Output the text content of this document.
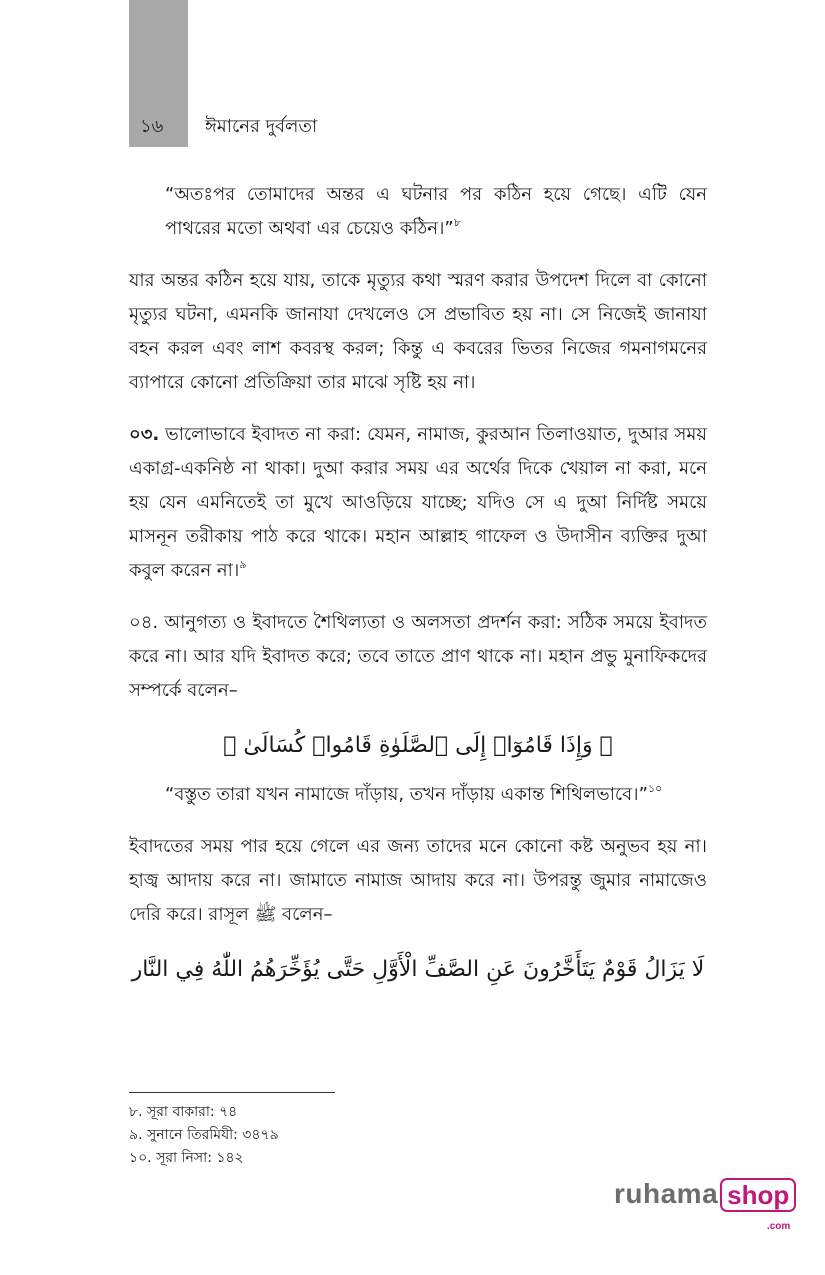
১৬ ঈমানের দুর্বলতা

“অতঃপর তোমাদের অন্তর এ ঘটনার পর কঠিন হয়ে গেছে। এটি যেন পাথরের মতো অথবা এর চেয়েও কঠিন।”$^৮$

যার অন্তর কঠিন হয়ে যায়, তাকে মৃত্যুর কথা স্মরণ করার উপদেশ দিলে বা কোনো মৃত্যুর ঘটনা, এমনকি জানাযা দেখলেও সে প্রভাবিত হয় না। সে নিজেই জানাযা বহন করল এবং লাশ কবরস্থ করল; কিন্তু এ কবরের ভিতর নিজের গমনাগমনের ব্যাপারে কোনো প্রতিক্রিয়া তার মাঝে সৃষ্টি হয় না।

০৩. ভালোভাবে ইবাদত না করা: যেমন, নামাজ, কুরআন তিলাওয়াত, দুআর সময় একাগ্র-একনিষ্ঠ না থাকা। দুআ করার সময় এর অর্থের দিকে খেয়াল না করা, মনে হয় যেন এমনিতেই তা মুখে আওড়িয়ে যাচ্ছে; যদিও সে এ দুআ নির্দিষ্ট সময়ে মাসনূন তরীকায় পাঠ করে থাকে। মহান আল্লাহ গাফেল ও উদাসীন ব্যক্তির দুআ কবুল করেন না।$^৯$

০৪. আনুগত্য ও ইবাদতে শৈথিল্যতা ও অলসতা প্রদর্শন করা: সঠিক সময়ে ইবাদত করে না। আর যদি ইবাদত করে; তবে তাতে প্রাণ থাকে না। মহান প্রভু মুনাফিকদের সম্পর্কে বলেন–

﴿ وَإِذَا قَامُوٓا۟ إِلَى ٱلصَّلَوٰةِ قَامُوا۟ كُسَالَىٰ ﴾

“বস্তুত তারা যখন নামাজে দাঁড়ায়, তখন দাঁড়ায় একান্ত শিথিলভাবে।”$^{১০}$

ইবাদতের সময় পার হয়ে গেলে এর জন্য তাদের মনে কোনো কষ্ট অনুভব হয় না। হাজ্ব আদায় করে না। জামাতে নামাজ আদায় করে না। উপরন্তু জুমার নামাজেও দেরি করে। রাসূল ﷺ বলেন–

لَا يَزَالُ قَوْمٌ يَتَأَخَّرُونَ عَنِ الصَّفِّ الْأَوَّلِ حَتَّى يُؤَخِّرَهُمُ اللّٰهُ فِي النَّار

৮. সূরা বাকারা: ৭৪
৯. সুনানে তিরমিযী: ৩৪৭৯
১০. সূরা নিসা: ১৪২
ruhama shop
.com
